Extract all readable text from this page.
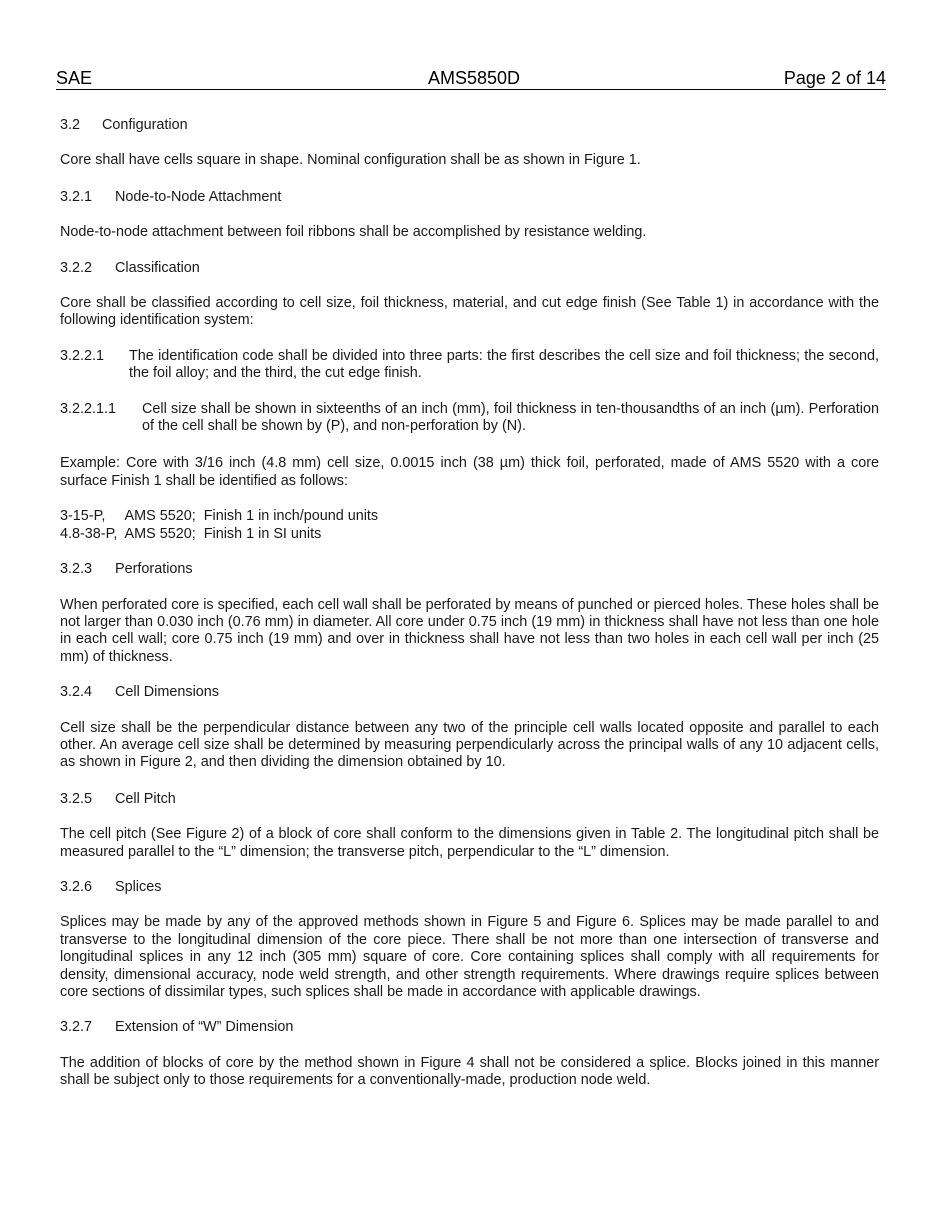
SAE	AMS5850D	Page 2 of 14
3.2	Configuration
Core shall have cells square in shape. Nominal configuration shall be as shown in Figure 1.
3.2.1	Node-to-Node Attachment
Node-to-node attachment between foil ribbons shall be accomplished by resistance welding.
3.2.2	Classification
Core shall be classified according to cell size, foil thickness, material, and cut edge finish (See Table 1) in accordance with the following identification system:
3.2.2.1	The identification code shall be divided into three parts: the first describes the cell size and foil thickness; the second, the foil alloy; and the third, the cut edge finish.
3.2.2.1.1	Cell size shall be shown in sixteenths of an inch (mm), foil thickness in ten-thousandths of an inch (µm). Perforation of the cell shall be shown by (P), and non-perforation by (N).
Example: Core with 3/16 inch (4.8 mm) cell size, 0.0015 inch (38 µm) thick foil, perforated, made of AMS 5520 with a core surface Finish 1 shall be identified as follows:
3-15-P,     AMS 5520;  Finish 1 in inch/pound units
4.8-38-P,  AMS 5520;  Finish 1 in SI units
3.2.3	Perforations
When perforated core is specified, each cell wall shall be perforated by means of punched or pierced holes. These holes shall be not larger than 0.030 inch (0.76 mm) in diameter. All core under 0.75 inch (19 mm) in thickness shall have not less than one hole in each cell wall; core 0.75 inch (19 mm) and over in thickness shall have not less than two holes in each cell wall per inch (25 mm) of thickness.
3.2.4	Cell Dimensions
Cell size shall be the perpendicular distance between any two of the principle cell walls located opposite and parallel to each other. An average cell size shall be determined by measuring perpendicularly across the principal walls of any 10 adjacent cells, as shown in Figure 2, and then dividing the dimension obtained by 10.
3.2.5	Cell Pitch
The cell pitch (See Figure 2) of a block of core shall conform to the dimensions given in Table 2. The longitudinal pitch shall be measured parallel to the “L” dimension; the transverse pitch, perpendicular to the “L” dimension.
3.2.6	Splices
Splices may be made by any of the approved methods shown in Figure 5 and Figure 6. Splices may be made parallel to and transverse to the longitudinal dimension of the core piece. There shall be not more than one intersection of transverse and longitudinal splices in any 12 inch (305 mm) square of core. Core containing splices shall comply with all requirements for density, dimensional accuracy, node weld strength, and other strength requirements. Where drawings require splices between core sections of dissimilar types, such splices shall be made in accordance with applicable drawings.
3.2.7	Extension of “W” Dimension
The addition of blocks of core by the method shown in Figure 4 shall not be considered a splice. Blocks joined in this manner shall be subject only to those requirements for a conventionally-made, production node weld.
